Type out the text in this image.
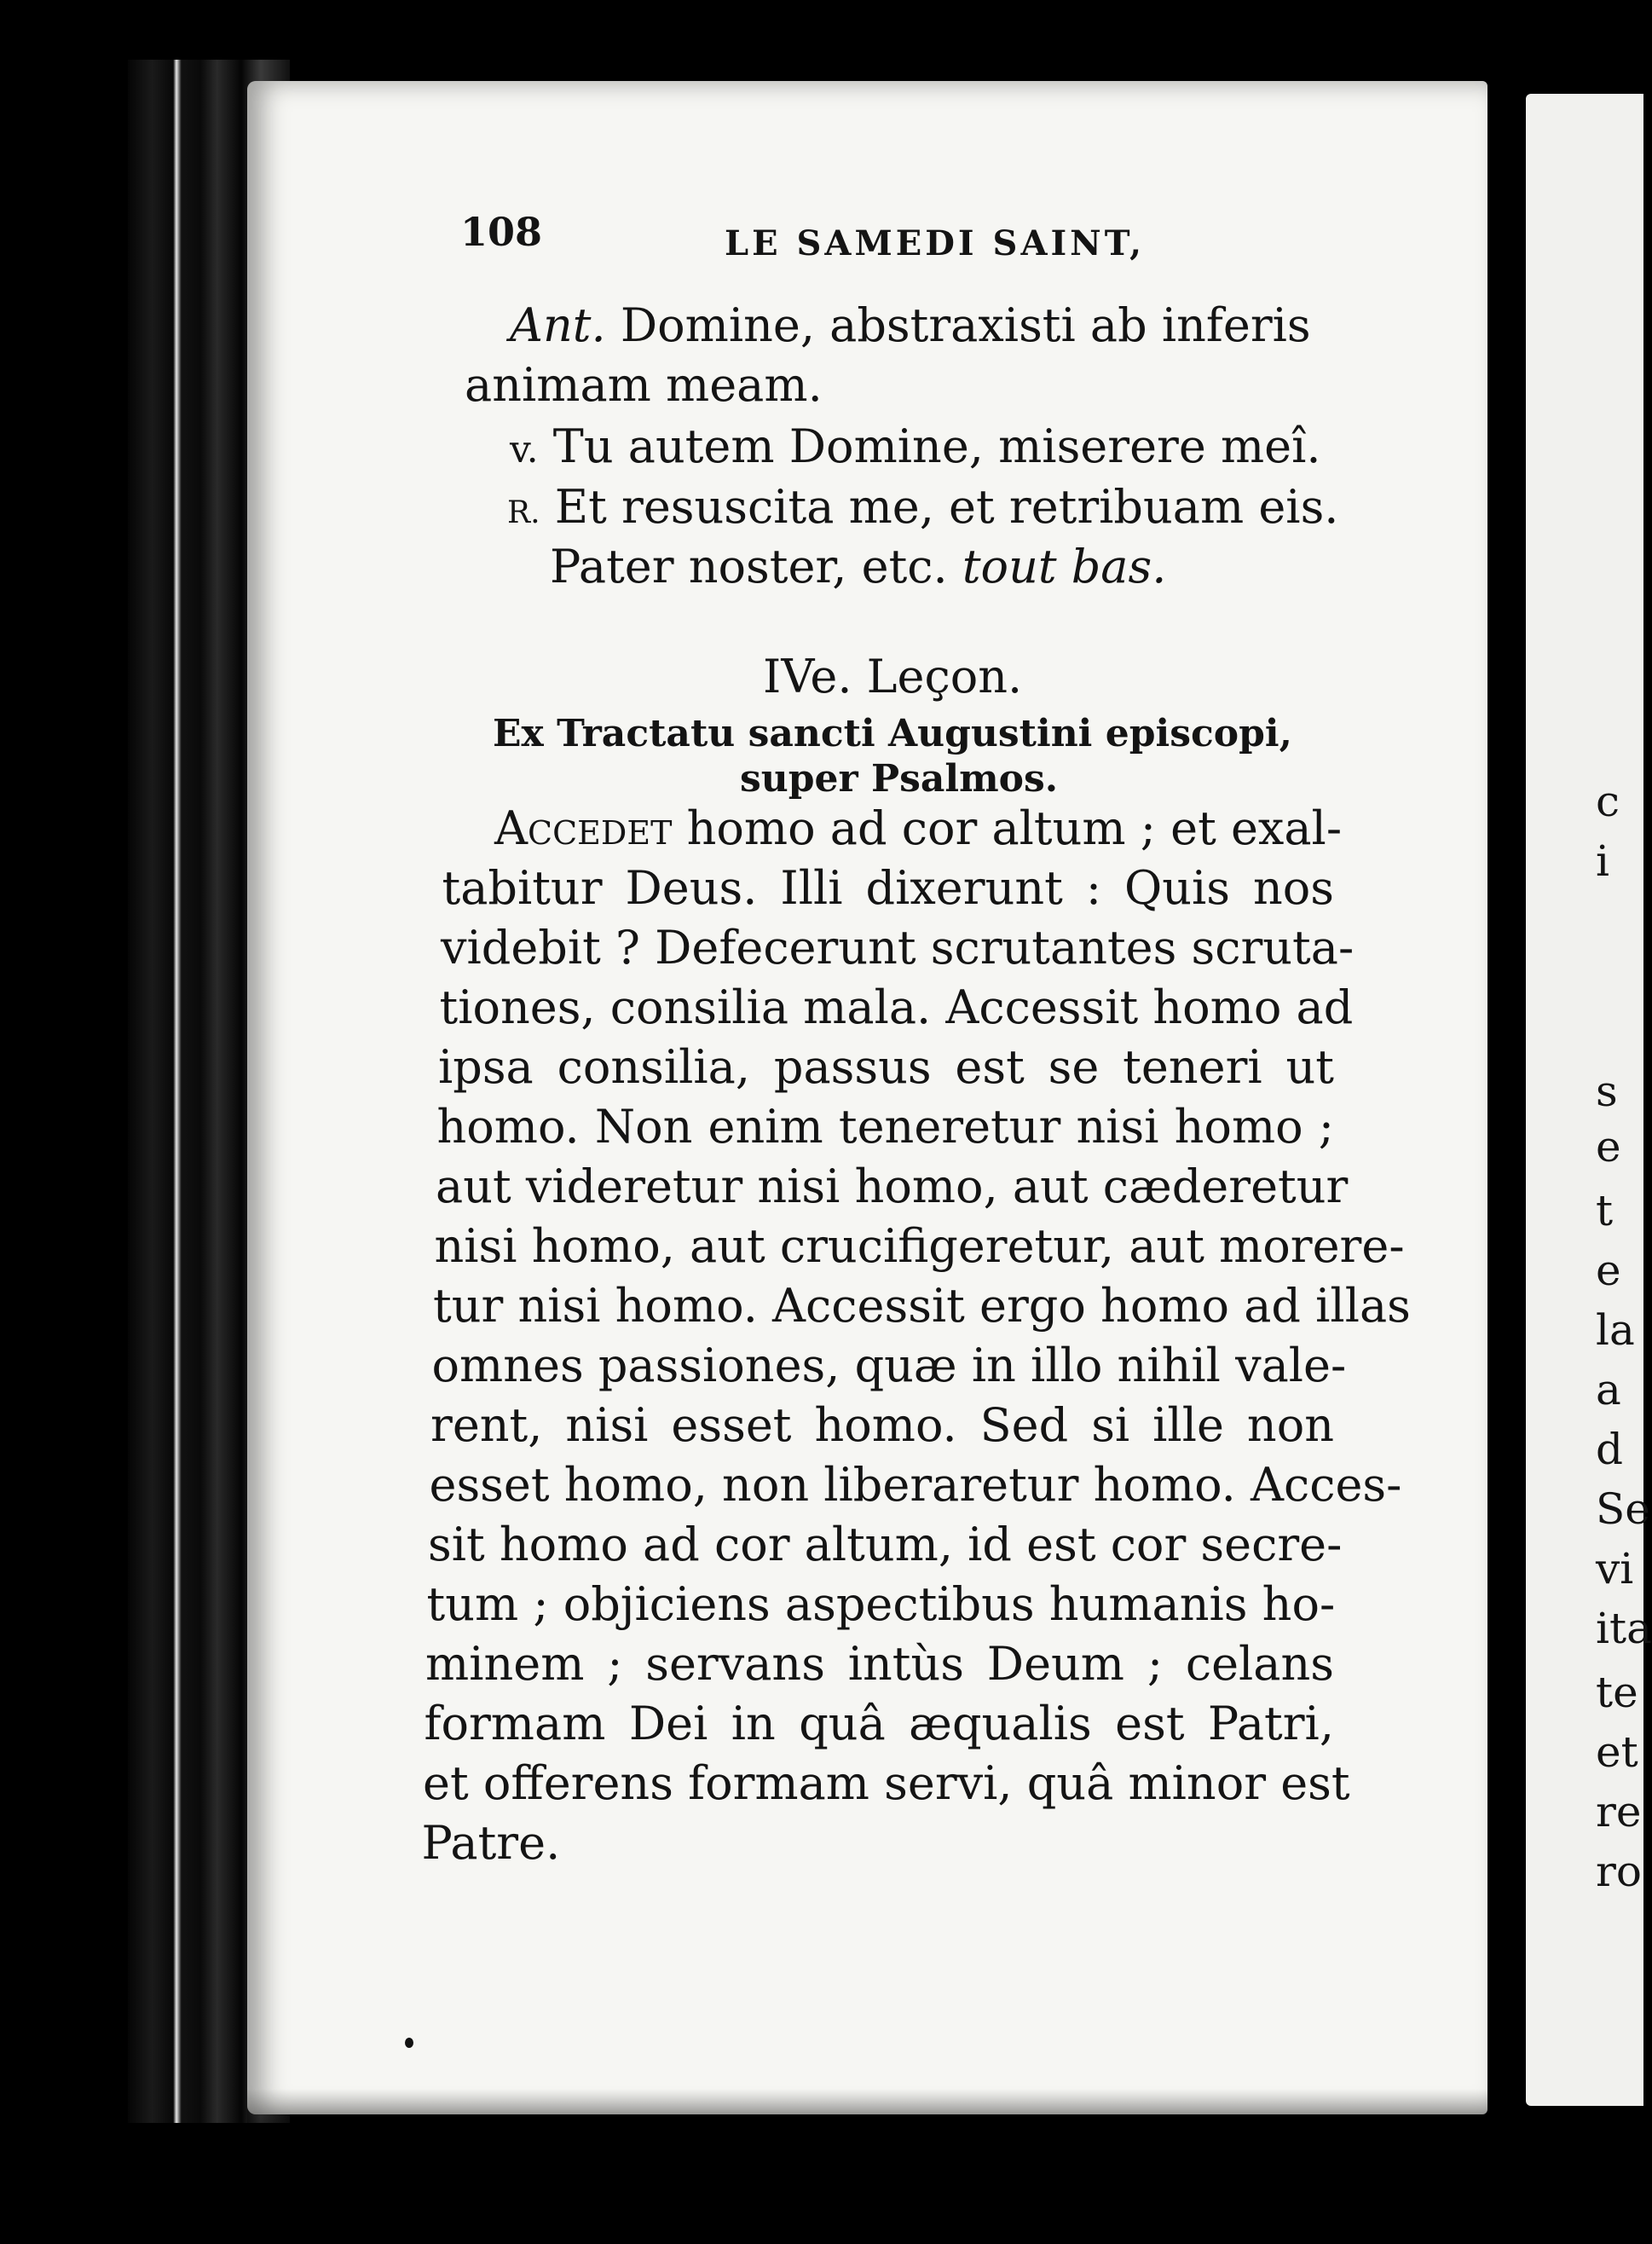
c
i
s
e
t
e
la
a
d
Se
vi
ita
te
et
re
ro
108	LE SAMEDI SAINT,
Ant. Domine, abstraxisti ab inferis
animam meam.
v. Tu autem Domine, miserere meî.
R. Et resuscita me, et retribuam eis.
Pater noster, etc. tout bas.
IVe. Leçon.
Ex Tractatu sancti Augustini episcopi,
super Psalmos.
Accedet homo ad cor altum ; et exal-
tabitur Deus. Illi dixerunt : Quis nos
videbit ? Defecerunt scrutantes scruta-
tiones, consilia mala. Accessit homo ad
ipsa consilia, passus est se teneri ut
homo. Non enim teneretur nisi homo ;
aut videretur nisi homo, aut cæderetur
nisi homo, aut crucifigeretur, aut morere-
tur nisi homo. Accessit ergo homo ad illas
omnes passiones, quæ in illo nihil vale-
rent, nisi esset homo. Sed si ille non
esset homo, non liberaretur homo. Acces-
sit homo ad cor altum, id est cor secre-
tum ; objiciens aspectibus humanis ho-
minem ; servans intùs Deum ; celans
formam Dei in quâ æqualis est Patri,
et offerens formam servi, quâ minor est
Patre.
